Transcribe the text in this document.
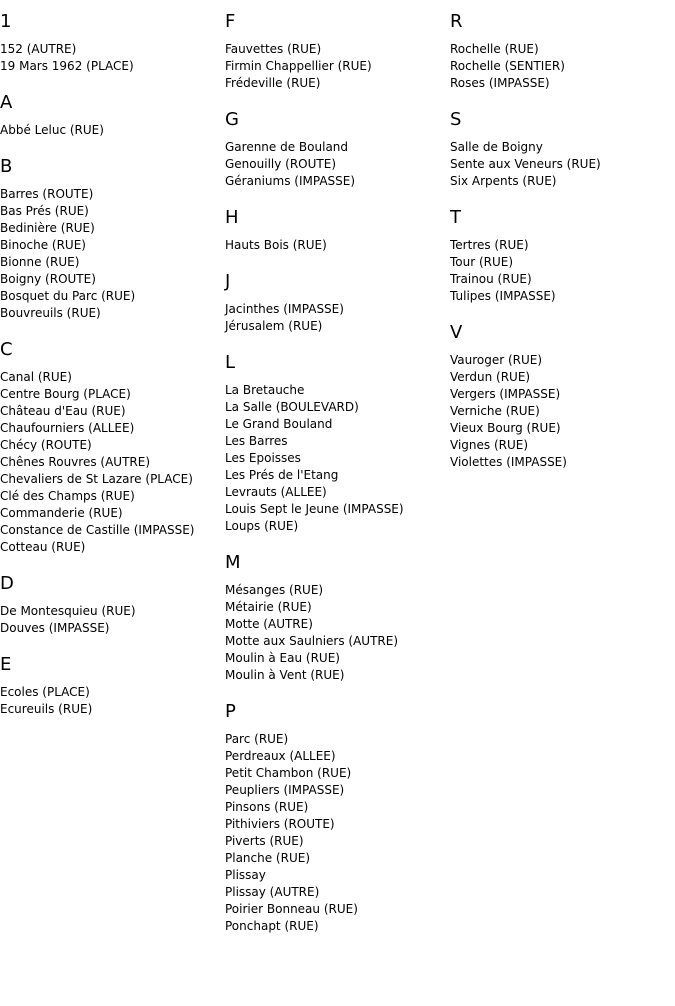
1
152 (AUTRE)
19 Mars 1962 (PLACE)
A
Abbé Leluc (RUE)
B
Barres (ROUTE)
Bas Prés (RUE)
Bedinière (RUE)
Binoche (RUE)
Bionne (RUE)
Boigny (ROUTE)
Bosquet du Parc (RUE)
Bouvreuils (RUE)
C
Canal (RUE)
Centre Bourg (PLACE)
Château d'Eau (RUE)
Chaufourniers (ALLEE)
Chécy (ROUTE)
Chênes Rouvres (AUTRE)
Chevaliers de St Lazare (PLACE)
Clé des Champs (RUE)
Commanderie (RUE)
Constance de Castille (IMPASSE)
Cotteau (RUE)
D
De Montesquieu (RUE)
Douves (IMPASSE)
E
Ecoles (PLACE)
Ecureuils (RUE)
F
Fauvettes (RUE)
Firmin Chappellier (RUE)
Frédeville (RUE)
G
Garenne de Bouland
Genouilly (ROUTE)
Géraniums (IMPASSE)
H
Hauts Bois (RUE)
J
Jacinthes (IMPASSE)
Jérusalem (RUE)
L
La Bretauche
La Salle (BOULEVARD)
Le Grand Bouland
Les Barres
Les Epoisses
Les Prés de l'Etang
Levrauts (ALLEE)
Louis Sept le Jeune (IMPASSE)
Loups (RUE)
M
Mésanges (RUE)
Métairie (RUE)
Motte (AUTRE)
Motte aux Saulniers (AUTRE)
Moulin à Eau (RUE)
Moulin à Vent (RUE)
P
Parc (RUE)
Perdreaux (ALLEE)
Petit Chambon (RUE)
Peupliers (IMPASSE)
Pinsons (RUE)
Pithiviers (ROUTE)
Piverts (RUE)
Planche (RUE)
Plissay
Plissay (AUTRE)
Poirier Bonneau (RUE)
Ponchapt (RUE)
R
Rochelle (RUE)
Rochelle (SENTIER)
Roses (IMPASSE)
S
Salle de Boigny
Sente aux Veneurs (RUE)
Six Arpents (RUE)
T
Tertres (RUE)
Tour (RUE)
Trainou (RUE)
Tulipes (IMPASSE)
V
Vauroger (RUE)
Verdun (RUE)
Vergers (IMPASSE)
Verniche (RUE)
Vieux Bourg (RUE)
Vignes (RUE)
Violettes (IMPASSE)
